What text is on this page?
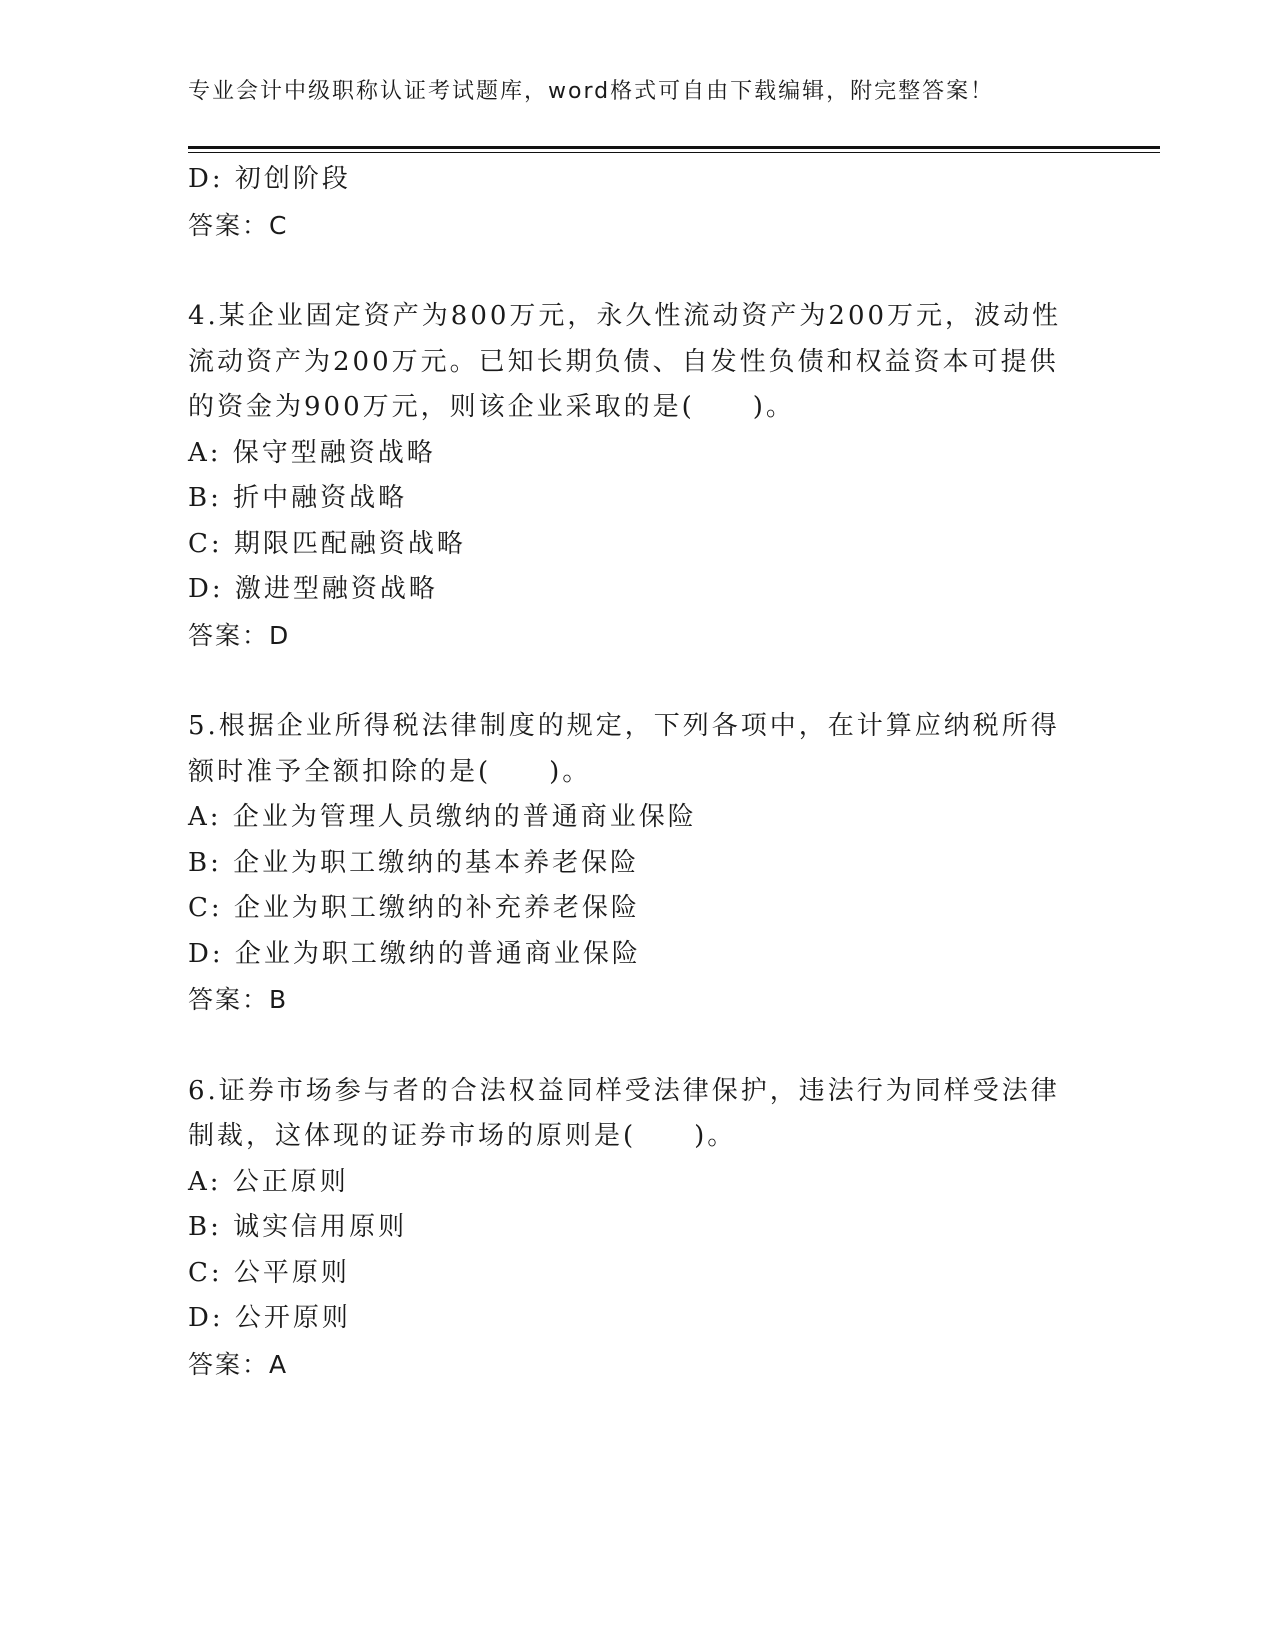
专业会计中级职称认证考试题库，word格式可自由下载编辑，附完整答案！
D: 初创阶段
答案：C
4.某企业固定资产为800万元，永久性流动资产为200万元，波动性
流动资产为200万元。已知长期负债、自发性负债和权益资本可提供
的资金为900万元，则该企业采取的是(　　)。
A: 保守型融资战略
B: 折中融资战略
C: 期限匹配融资战略
D: 激进型融资战略
答案：D
5.根据企业所得税法律制度的规定，下列各项中，在计算应纳税所得
额时准予全额扣除的是(　　)。
A: 企业为管理人员缴纳的普通商业保险
B: 企业为职工缴纳的基本养老保险
C: 企业为职工缴纳的补充养老保险
D: 企业为职工缴纳的普通商业保险
答案：B
6.证券市场参与者的合法权益同样受法律保护，违法行为同样受法律
制裁，这体现的证券市场的原则是(　　)。
A: 公正原则
B: 诚实信用原则
C: 公平原则
D: 公开原则
答案：A
